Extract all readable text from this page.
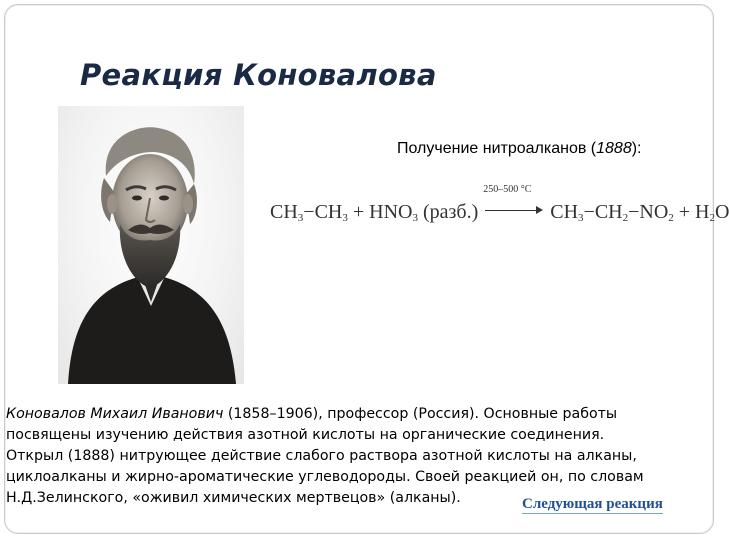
Реакция Коновалова
Получение нитроалканов (1888):
$CH_3-CH_3 + HNO_3$ (разб.)
250–500 °C
$CH_3-CH_2-NO_2 + H_2O$
Коновалов Михаил Иванович (1858–1906), профессор (Россия). Основные работы
посвящены изучению действия азотной кислоты на органические соединения.
Открыл (1888) нитрующее действие слабого раствора азотной кислоты на алканы,
циклоалканы и жирно-ароматические углеводороды. Своей реакцией он, по словам
Н.Д.Зелинского, «оживил химических мертвецов» (алканы).	Следующая реакция
